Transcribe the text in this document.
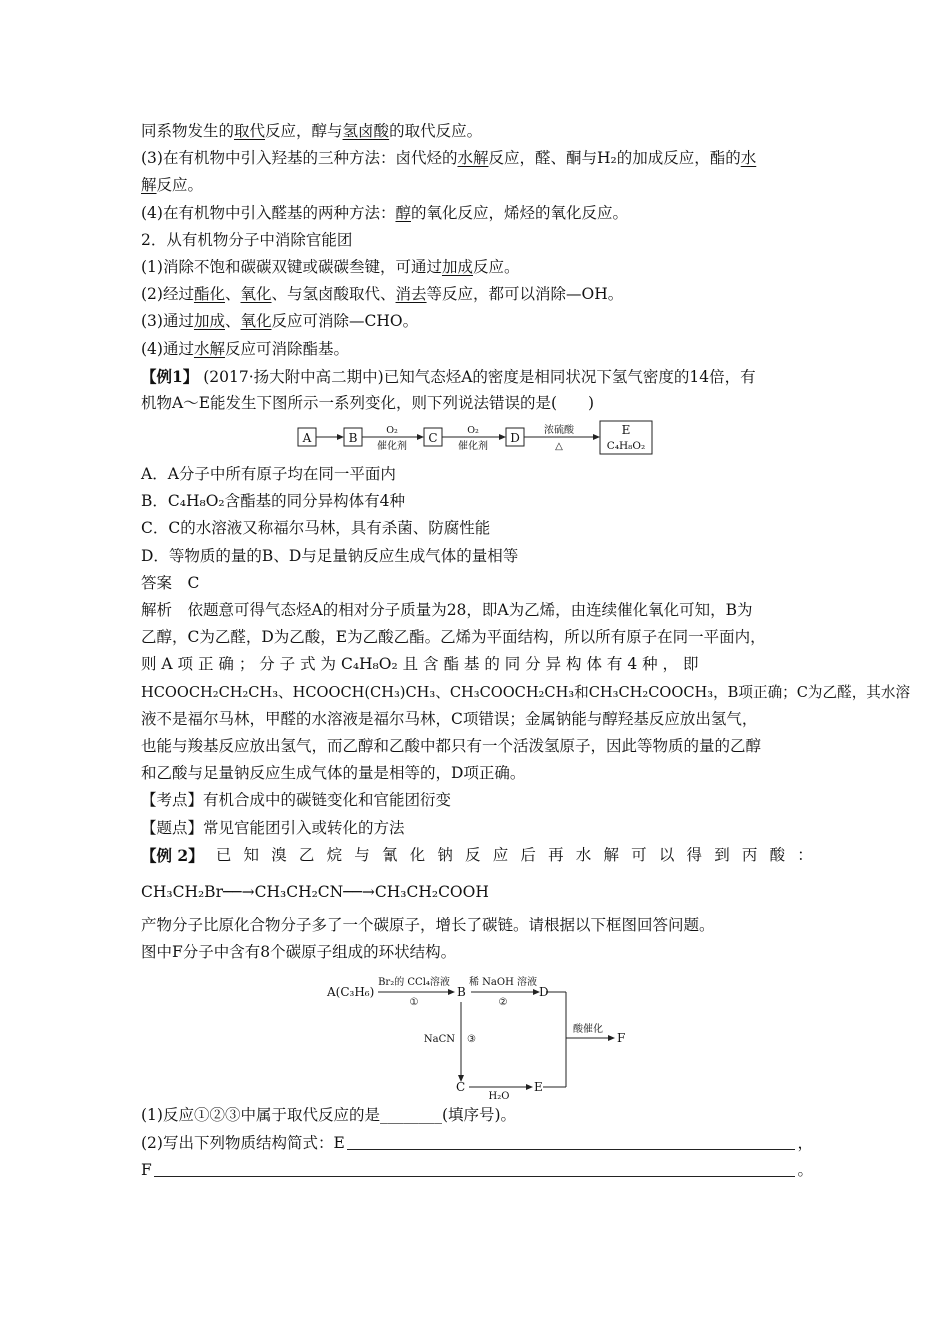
同系物发生的取代反应，醇与氢卤酸的取代反应。
(3)在有机物中引入羟基的三种方法：卤代烃的水解反应，醛、酮与H₂的加成反应，酯的水
解反应。
(4)在有机物中引入醛基的两种方法：醇的氧化反应，烯烃的氧化反应。
2．从有机物分子中消除官能团
(1)消除不饱和碳碳双键或碳碳叁键，可通过加成反应。
(2)经过酯化、氧化、与氢卤酸取代、消去等反应，都可以消除—OH。
(3)通过加成、氧化反应可消除—CHO。
(4)通过水解反应可消除酯基。
【例1】 (2017·扬大附中高二期中)已知气态烃A的密度是相同状况下氢气密度的14倍，有
机物A～E能发生下图所示一系列变化，则下列说法错误的是(　　)
A	B	C	D
E
C₄H₈O₂
O₂
催化剂
O₂
催化剂
浓硫酸
△
A．A分子中所有原子均在同一平面内
B．C₄H₈O₂含酯基的同分异构体有4种
C．C的水溶液又称福尔马林，具有杀菌、防腐性能
D．等物质的量的B、D与足量钠反应生成气体的量相等
答案　C
解析　依题意可得气态烃A的相对分子质量为28，即A为乙烯，由连续催化氧化可知，B为
乙醇，C为乙醛，D为乙酸，E为乙酸乙酯。乙烯为平面结构，所以所有原子在同一平面内，
则 A 项 正 确 ； 分 子 式 为 C₄H₈O₂ 且 含 酯 基 的 同 分 异 构 体 有 4 种 ， 即
HCOOCH₂CH₂CH₃、HCOOCH(CH₃)CH₃、CH₃COOCH₂CH₃和CH₃CH₂COOCH₃，B项正确；C为乙醛，其水溶
液不是福尔马林，甲醛的水溶液是福尔马林，C项错误；金属钠能与醇羟基反应放出氢气，
也能与羧基反应放出氢气，而乙醇和乙酸中都只有一个活泼氢原子，因此等物质的量的乙醇
和乙酸与足量钠反应生成气体的量是相等的，D项正确。
【考点】有机合成中的碳链变化和官能团衍变
【题点】常见官能团引入或转化的方法
【例 2】 已 知 溴 乙 烷 与 氰 化 钠 反 应 后 再 水 解 可 以 得 到 丙 酸 ：
CH₃CH₂Br──→CH₃CH₂CN──→CH₃CH₂COOH
产物分子比原化合物分子多了一个碳原子，增长了碳链。请根据以下框图回答问题。
图中F分子中含有8个碳原子组成的环状结构。
A(C₃H₆)	B	D
C	E
F
Br₂的 CCl₄溶液
①
稀 NaOH 溶液
②
NaCN ③
H₂O
酸催化
(1)反应①②③中属于取代反应的是________(填序号)。
(2)写出下列物质结构简式：E	，
F	。
